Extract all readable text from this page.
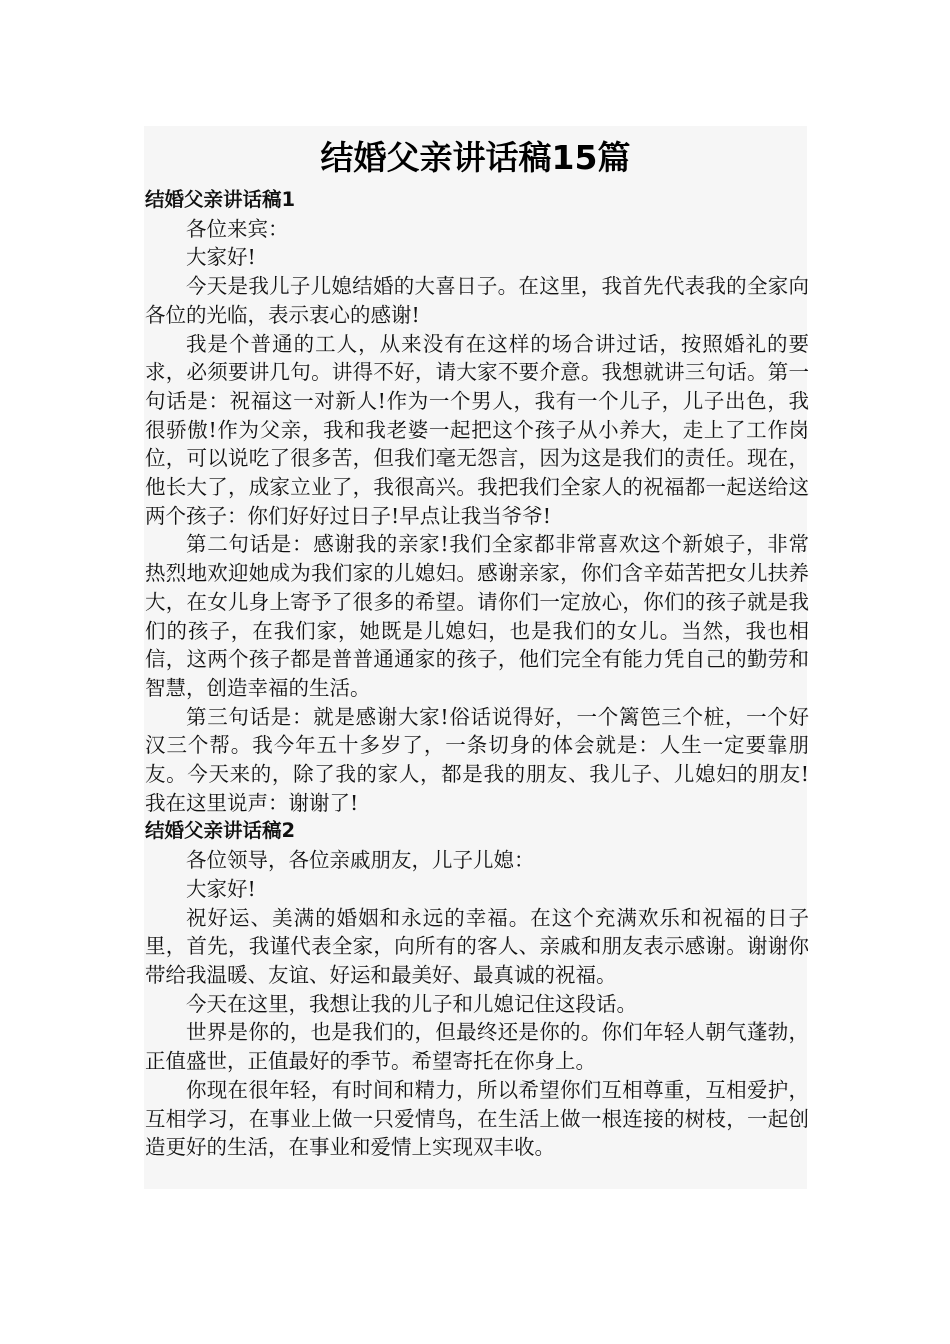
结婚父亲讲话稿15篇

结婚父亲讲话稿1

各位来宾：

大家好!

今天是我儿子儿媳结婚的大喜日子。在这里，我首先代表我的全家向各位的光临，表示衷心的感谢!

我是个普通的工人，从来没有在这样的场合讲过话，按照婚礼的要求，必须要讲几句。讲得不好，请大家不要介意。我想就讲三句话。第一句话是：祝福这一对新人!作为一个男人，我有一个儿子，儿子出色，我很骄傲!作为父亲，我和我老婆一起把这个孩子从小养大，走上了工作岗位，可以说吃了很多苦，但我们毫无怨言，因为这是我们的责任。现在，他长大了，成家立业了，我很高兴。我把我们全家人的祝福都一起送给这两个孩子：你们好好过日子!早点让我当爷爷!

第二句话是：感谢我的亲家!我们全家都非常喜欢这个新娘子，非常热烈地欢迎她成为我们家的儿媳妇。感谢亲家，你们含辛茹苦把女儿扶养大，在女儿身上寄予了很多的希望。请你们一定放心，你们的孩子就是我们的孩子，在我们家，她既是儿媳妇，也是我们的女儿。当然，我也相信，这两个孩子都是普普通通家的孩子，他们完全有能力凭自己的勤劳和智慧，创造幸福的生活。

第三句话是：就是感谢大家!俗话说得好，一个篱笆三个桩，一个好汉三个帮。我今年五十多岁了，一条切身的体会就是：人生一定要靠朋友。今天来的，除了我的家人，都是我的朋友、我儿子、儿媳妇的朋友!我在这里说声：谢谢了!

结婚父亲讲话稿2

各位领导，各位亲戚朋友，儿子儿媳：

大家好!

祝好运、美满的婚姻和永远的幸福。在这个充满欢乐和祝福的日子里，首先，我谨代表全家，向所有的客人、亲戚和朋友表示感谢。谢谢你带给我温暖、友谊、好运和最美好、最真诚的祝福。

今天在这里，我想让我的儿子和儿媳记住这段话。

世界是你的，也是我们的，但最终还是你的。你们年轻人朝气蓬勃，正值盛世，正值最好的季节。希望寄托在你身上。

你现在很年轻，有时间和精力，所以希望你们互相尊重，互相爱护，互相学习，在事业上做一只爱情鸟，在生活上做一根连接的树枝，一起创造更好的生活，在事业和爱情上实现双丰收。
